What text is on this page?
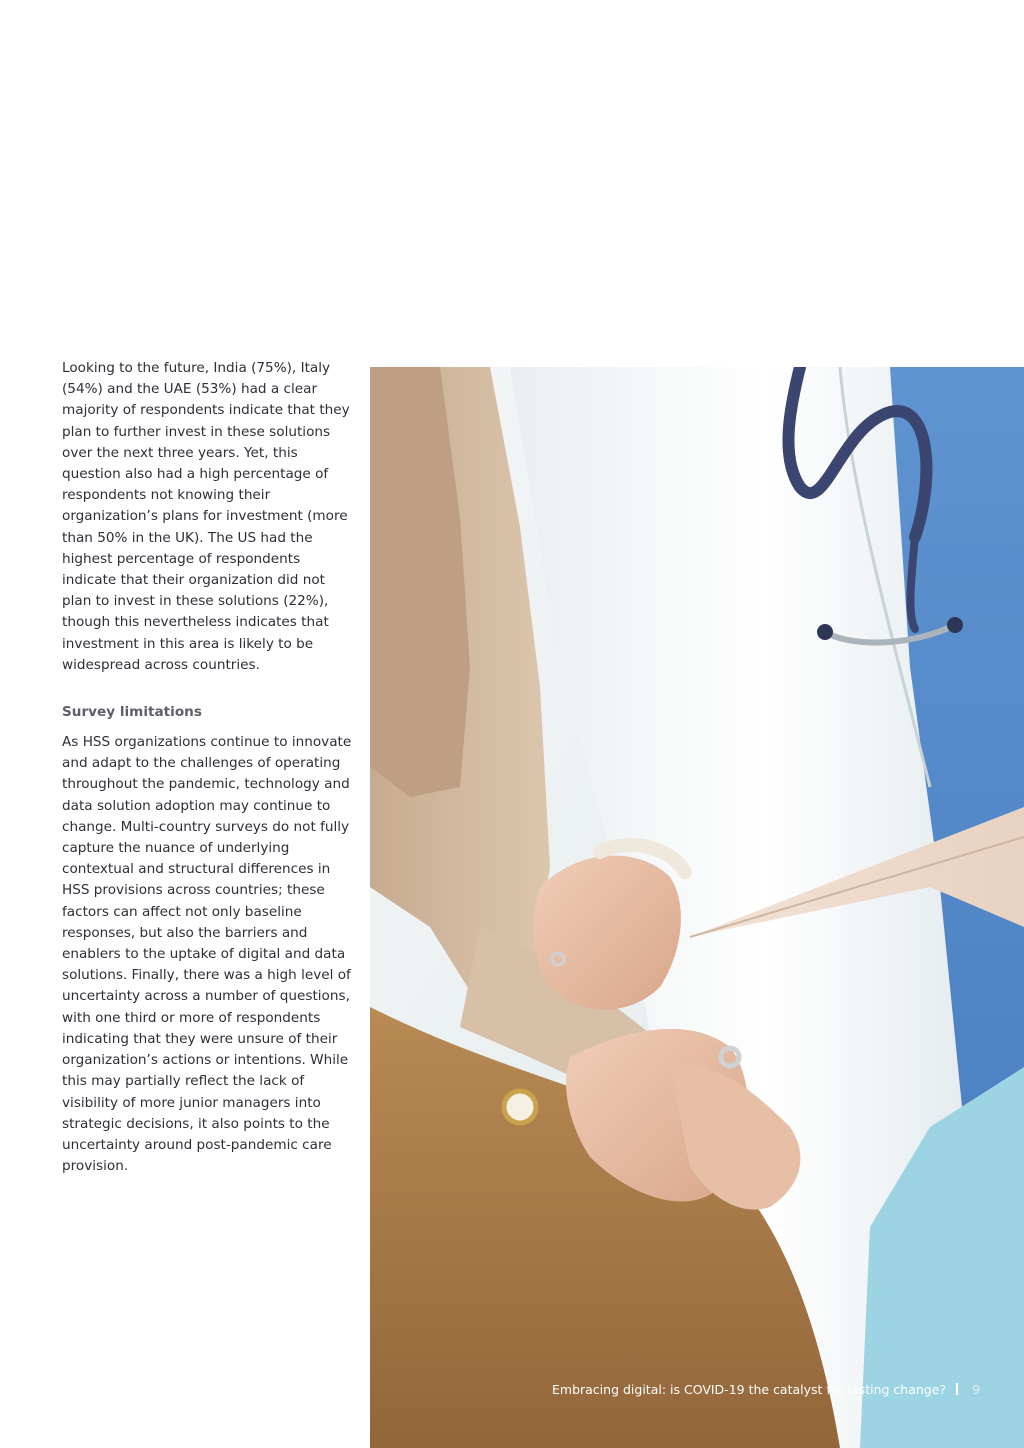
Looking to the future, India (75%), Italy (54%) and the UAE (53%) had a clear majority of respondents indicate that they plan to further invest in these solutions over the next three years. Yet, this question also had a high percentage of respondents not knowing their organization’s plans for investment (more than 50% in the UK). The US had the highest percentage of respondents indicate that their organization did not plan to invest in these solutions (22%), though this nevertheless indicates that investment in this area is likely to be widespread across countries.

Survey limitations

As HSS organizations continue to innovate and adapt to the challenges of operating throughout the pandemic, technology and data solution adoption may continue to change. Multi-country surveys do not fully capture the nuance of underlying contextual and structural differences in HSS provisions across countries; these factors can affect not only baseline responses, but also the barriers and enablers to the uptake of digital and data solutions. Finally, there was a high level of uncertainty across a number of questions, with one third or more of respondents indicating that they were unsure of their organization’s actions or intentions. While this may partially reflect the lack of visibility of more junior managers into strategic decisions, it also points to the uncertainty around post-pandemic care provision.

Embracing digital: is COVID-19 the catalyst for lasting change? 9
